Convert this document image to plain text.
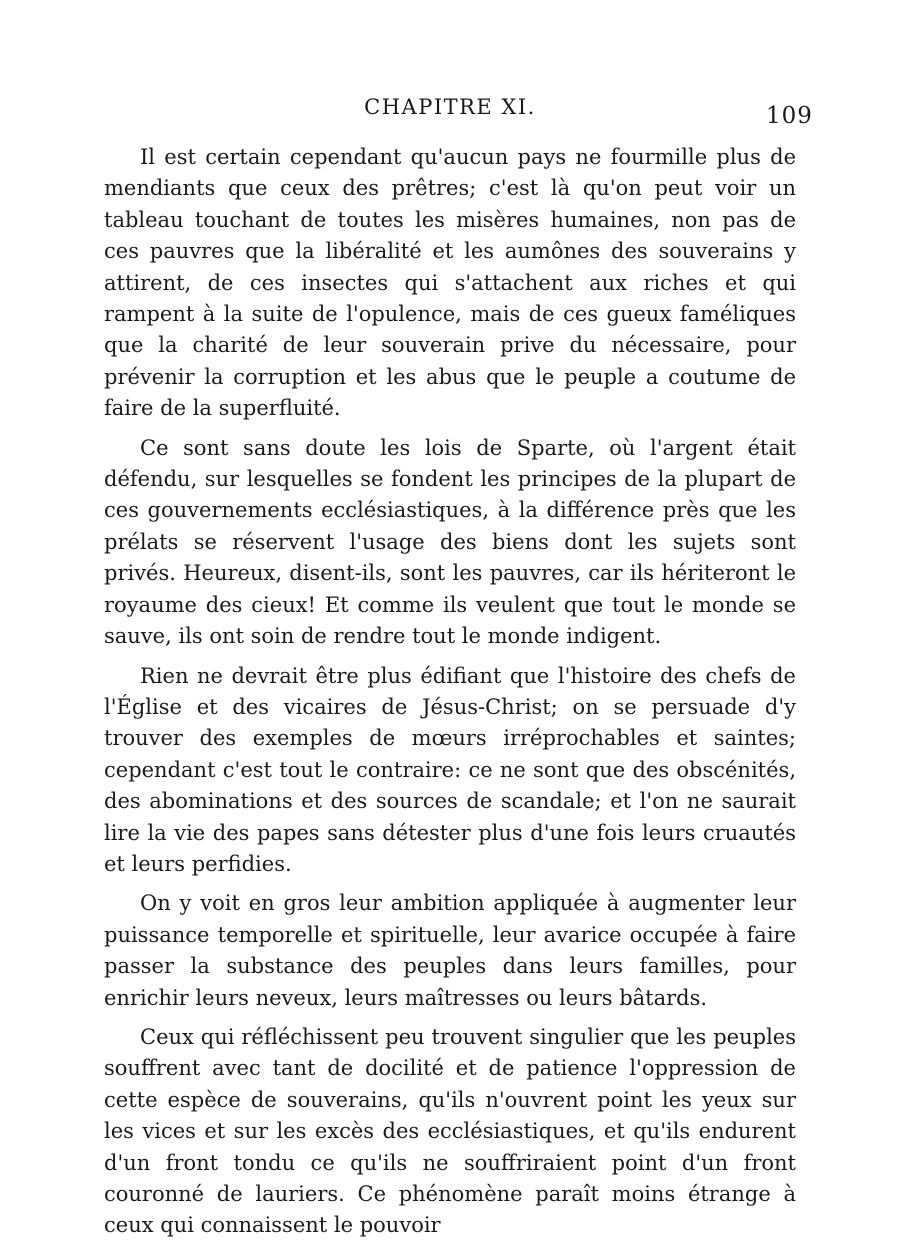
CHAPITRE XI.	109

Il est certain cependant qu'aucun pays ne fourmille plus de mendiants que ceux des prêtres; c'est là qu'on peut voir un tableau touchant de toutes les misères humaines, non pas de ces pauvres que la libéralité et les aumônes des souverains y attirent, de ces insectes qui s'attachent aux riches et qui rampent à la suite de l'opulence, mais de ces gueux faméliques que la charité de leur souverain prive du nécessaire, pour prévenir la corruption et les abus que le peuple a coutume de faire de la superfluité.

Ce sont sans doute les lois de Sparte, où l'argent était défendu, sur lesquelles se fondent les principes de la plupart de ces gouvernements ecclésiastiques, à la différence près que les prélats se réservent l'usage des biens dont les sujets sont privés. Heureux, disent-ils, sont les pauvres, car ils hériteront le royaume des cieux! Et comme ils veulent que tout le monde se sauve, ils ont soin de rendre tout le monde indigent.

Rien ne devrait être plus édifiant que l'histoire des chefs de l'Église et des vicaires de Jésus-Christ; on se persuade d'y trouver des exemples de mœurs irréprochables et saintes; cependant c'est tout le contraire: ce ne sont que des obscénités, des abominations et des sources de scandale; et l'on ne saurait lire la vie des papes sans détester plus d'une fois leurs cruautés et leurs perfidies.

On y voit en gros leur ambition appliquée à augmenter leur puissance temporelle et spirituelle, leur avarice occupée à faire passer la substance des peuples dans leurs familles, pour enrichir leurs neveux, leurs maîtresses ou leurs bâtards.

Ceux qui réfléchissent peu trouvent singulier que les peuples souffrent avec tant de docilité et de patience l'oppression de cette espèce de souverains, qu'ils n'ouvrent point les yeux sur les vices et sur les excès des ecclésiastiques, et qu'ils endurent d'un front tondu ce qu'ils ne souffriraient point d'un front couronné de lauriers. Ce phénomène paraît moins étrange à ceux qui connaissent le pouvoir
